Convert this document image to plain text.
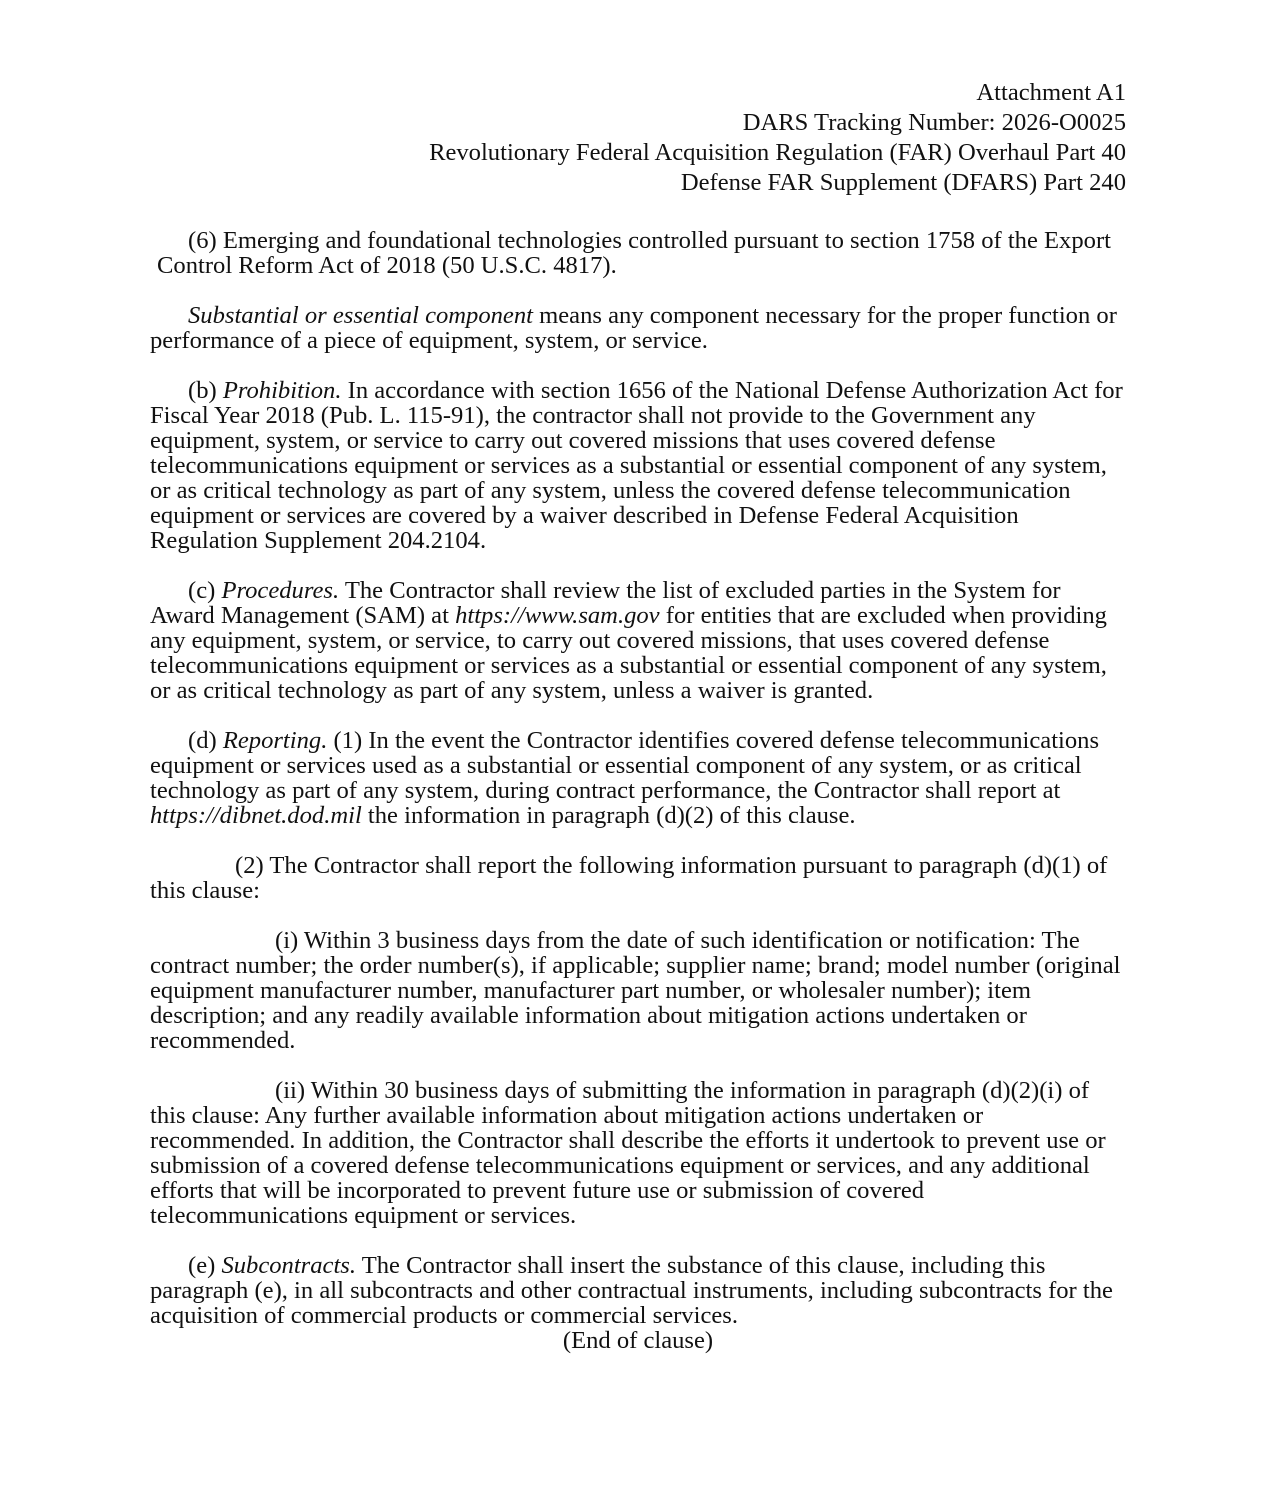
Attachment A1
DARS Tracking Number: 2026-O0025
Revolutionary Federal Acquisition Regulation (FAR) Overhaul Part 40
Defense FAR Supplement (DFARS) Part 240

(6) Emerging and foundational technologies controlled pursuant to section 1758 of the Export Control Reform Act of 2018 (50 U.S.C. 4817).

Substantial or essential component means any component necessary for the proper function or performance of a piece of equipment, system, or service.

(b) Prohibition. In accordance with section 1656 of the National Defense Authorization Act for Fiscal Year 2018 (Pub. L. 115-91), the contractor shall not provide to the Government any equipment, system, or service to carry out covered missions that uses covered defense telecommunications equipment or services as a substantial or essential component of any system, or as critical technology as part of any system, unless the covered defense telecommunication equipment or services are covered by a waiver described in Defense Federal Acquisition Regulation Supplement 204.2104.

(c) Procedures. The Contractor shall review the list of excluded parties in the System for Award Management (SAM) at https://www.sam.gov for entities that are excluded when providing any equipment, system, or service, to carry out covered missions, that uses covered defense telecommunications equipment or services as a substantial or essential component of any system, or as critical technology as part of any system, unless a waiver is granted.

(d) Reporting. (1) In the event the Contractor identifies covered defense telecommunications equipment or services used as a substantial or essential component of any system, or as critical technology as part of any system, during contract performance, the Contractor shall report at https://dibnet.dod.mil the information in paragraph (d)(2) of this clause.

(2) The Contractor shall report the following information pursuant to paragraph (d)(1) of this clause:

(i) Within 3 business days from the date of such identification or notification: The contract number; the order number(s), if applicable; supplier name; brand; model number (original equipment manufacturer number, manufacturer part number, or wholesaler number); item description; and any readily available information about mitigation actions undertaken or recommended.

(ii) Within 30 business days of submitting the information in paragraph (d)(2)(i) of this clause: Any further available information about mitigation actions undertaken or recommended. In addition, the Contractor shall describe the efforts it undertook to prevent use or submission of a covered defense telecommunications equipment or services, and any additional efforts that will be incorporated to prevent future use or submission of covered telecommunications equipment or services.

(e) Subcontracts. The Contractor shall insert the substance of this clause, including this paragraph (e), in all subcontracts and other contractual instruments, including subcontracts for the acquisition of commercial products or commercial services.

(End of clause)
